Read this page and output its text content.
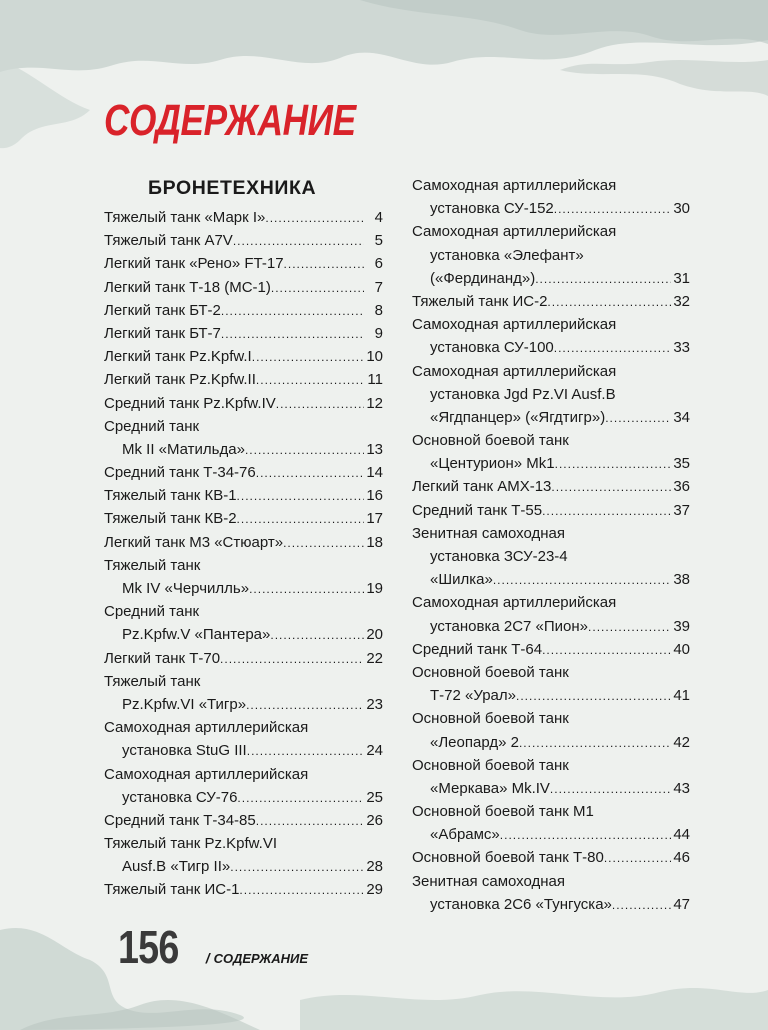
СОДЕРЖАНИЕ
БРОНЕТЕХНИКА
Тяжелый танк «Марк I» .....	4
Тяжелый танк A7V .....	5
Легкий танк «Рено» FT-17 .....	6
Легкий танк Т-18 (МС-1) .....	7
Легкий танк БТ-2 .....	8
Легкий танк БТ-7 .....	9
Легкий танк Pz.Kpfw.I .....	10
Легкий танк Pz.Kpfw.II .....	11
Средний танк Pz.Kpfw.IV .....	12
Средний танк
Mk II «Матильда» .....	13
Средний танк Т-34-76 .....	14
Тяжелый танк КВ-1 .....	16
Тяжелый танк КВ-2 .....	17
Легкий танк М3 «Стюарт» .....	18
Тяжелый танк
Mk IV «Черчилль» .....	19
Средний танк
Pz.Kpfw.V «Пантера» .....	20
Легкий танк Т-70 .....	22
Тяжелый танк
Pz.Kpfw.VI «Тигр» .....	23
Самоходная артиллерийская
установка StuG III .....	24
Самоходная артиллерийская
установка СУ-76 .....	25
Средний танк Т-34-85 .....	26
Тяжелый танк Pz.Kpfw.VI
Ausf.B «Тигр II» .....	28
Тяжелый танк ИС-1 .....	29
Самоходная артиллерийская
установка СУ-152 .....	30
Самоходная артиллерийская
установка «Элефант»
(«Фердинанд») .....	31
Тяжелый танк ИС-2 .....	32
Самоходная артиллерийская
установка СУ-100 .....	33
Самоходная артиллерийская
установка Jgd Pz.VI Ausf.B
«Ягдпанцер» («Ягдтигр») .....	34
Основной боевой танк
«Центурион» Mk1 .....	35
Легкий танк AMX-13 .....	36
Средний танк Т-55 .....	37
Зенитная самоходная
установка ЗСУ-23-4
«Шилка» .....	38
Самоходная артиллерийская
установка 2С7 «Пион» .....	39
Средний танк Т-64 .....	40
Основной боевой танк
Т-72 «Урал» .....	41
Основной боевой танк
«Леопард» 2 .....	42
Основной боевой танк
«Меркава» Mk.IV .....	43
Основной боевой танк М1
«Абрамс» .....	44
Основной боевой танк Т-80 .....	46
Зенитная самоходная
установка 2С6 «Тунгуска» .....	47
156 / СОДЕРЖАНИЕ
